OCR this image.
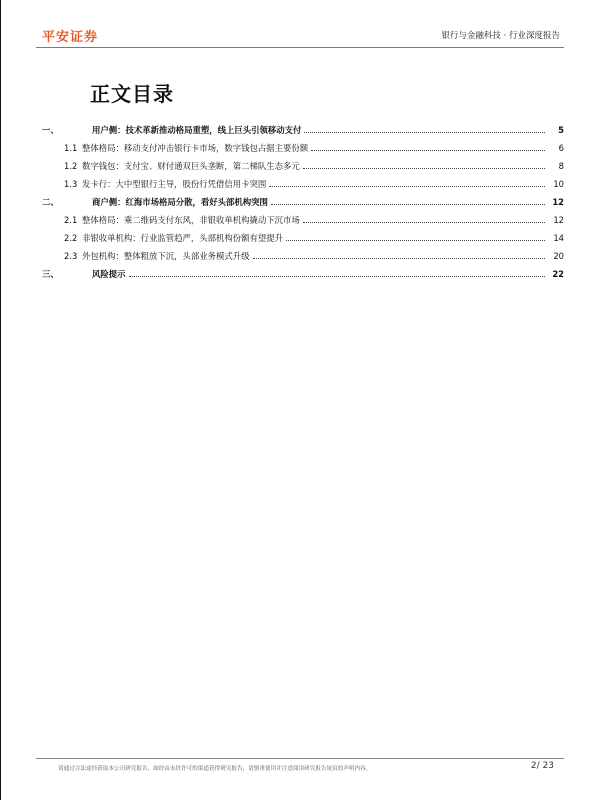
平安证券	银行与金融科技 · 行业深度报告
正文目录
一、	用户侧：技术革新推动格局重塑，线上巨头引领移动支付	5
1.1 整体格局：移动支付冲击银行卡市场，数字钱包占据主要份额	6
1.2 数字钱包：支付宝、财付通双巨头垄断，第二梯队生态多元	8
1.3 发卡行：大中型银行主导，股份行凭借信用卡突围	10
二、	商户侧：红海市场格局分散，看好头部机构突围	12
2.1 整体格局：乘二维码支付东风，非银收单机构撬动下沉市场	12
2.2 非银收单机构：行业监管趋严，头部机构份额有望提升	14
2.3 外包机构：整体粗放下沉，头部业务模式升级	20
三、	风险提示	22
请通过合法途径获取本公司研究报告，如经由未经许可的渠道获得研究报告，请慎重使用并注意阅读研究报告尾页的声明内容。	2/ 23
